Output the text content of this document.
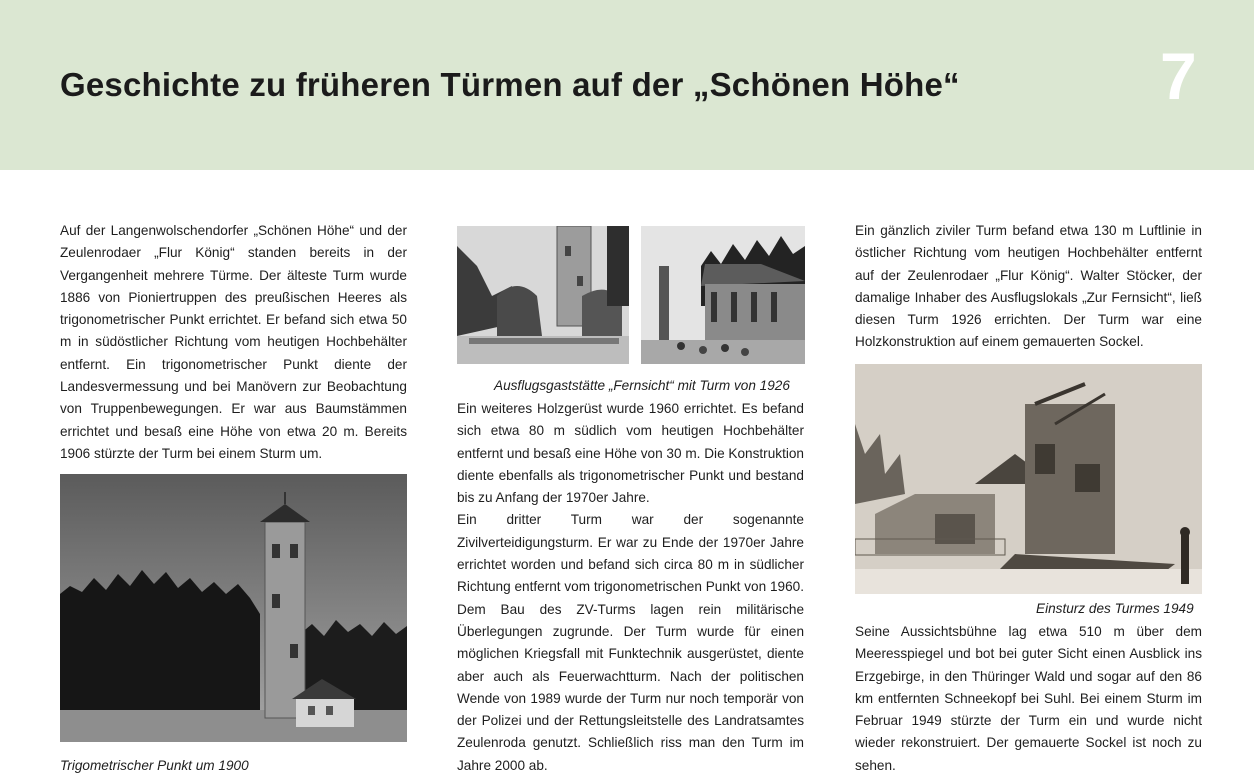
Geschichte zu früheren Türmen auf der „Schönen Höhe“	7

Auf der Langenwolschendorfer „Schönen Höhe“ und der Zeulenrodaer „Flur König“ standen bereits in der Vergangenheit mehrere Türme. Der älteste Turm wurde 1886 von Pioniertruppen des preußischen Heeres als trigonometrischer Punkt errichtet. Er befand sich etwa 50 m in südöstlicher Richtung vom heutigen Hochbehälter entfernt. Ein trigonometrischer Punkt diente der Landesvermessung und bei Manövern zur Beobachtung von Truppenbewegungen. Er war aus Baumstämmen errichtet und besaß eine Höhe von etwa 20 m. Bereits 1906 stürzte der Turm bei einem Sturm um.

Trigometrischer Punkt um 1900
Ausflugsgaststätte „Fernsicht“ mit Turm von 1926

Ein weiteres Holzgerüst wurde 1960 errichtet. Es befand sich etwa 80 m südlich vom heutigen Hochbehälter entfernt und besaß eine Höhe von 30 m. Die Konstruktion diente ebenfalls als trigonometrischer Punkt und bestand bis zu Anfang der 1970er Jahre.

Ein dritter Turm war der sogenannte Zivilverteidigungsturm. Er war zu Ende der 1970er Jahre errichtet worden und befand sich circa 80 m in südlicher Richtung entfernt vom trigonometrischen Punkt von 1960. Dem Bau des ZV-Turms lagen rein militärische Überlegungen zugrunde. Der Turm wurde für einen möglichen Kriegsfall mit Funktechnik ausgerüstet, diente aber auch als Feuerwachtturm. Nach der politischen Wende von 1989 wurde der Turm nur noch temporär von der Polizei und der Rettungsleitstelle des Landratsamtes Zeulenroda genutzt. Schließlich riss man den Turm im Jahre 2000 ab.

Ein gänzlich ziviler Turm befand etwa 130 m Luftlinie in östlicher Richtung vom heutigen Hochbehälter entfernt auf der Zeulenrodaer „Flur König“. Walter Stöcker, der damalige Inhaber des Ausflugslokals „Zur Fernsicht“, ließ diesen Turm 1926 errichten. Der Turm war eine Holzkonstruktion auf einem gemauerten Sockel.

Einsturz des Turmes 1949

Seine Aussichtsbühne lag etwa 510 m über dem Meeresspiegel und bot bei guter Sicht einen Ausblick ins Erzgebirge, in den Thüringer Wald und sogar auf den 86 km entfernten Schneekopf bei Suhl. Bei einem Sturm im Februar 1949 stürzte der Turm ein und wurde nicht wieder rekonstruiert. Der gemauerte Sockel ist noch zu sehen.
